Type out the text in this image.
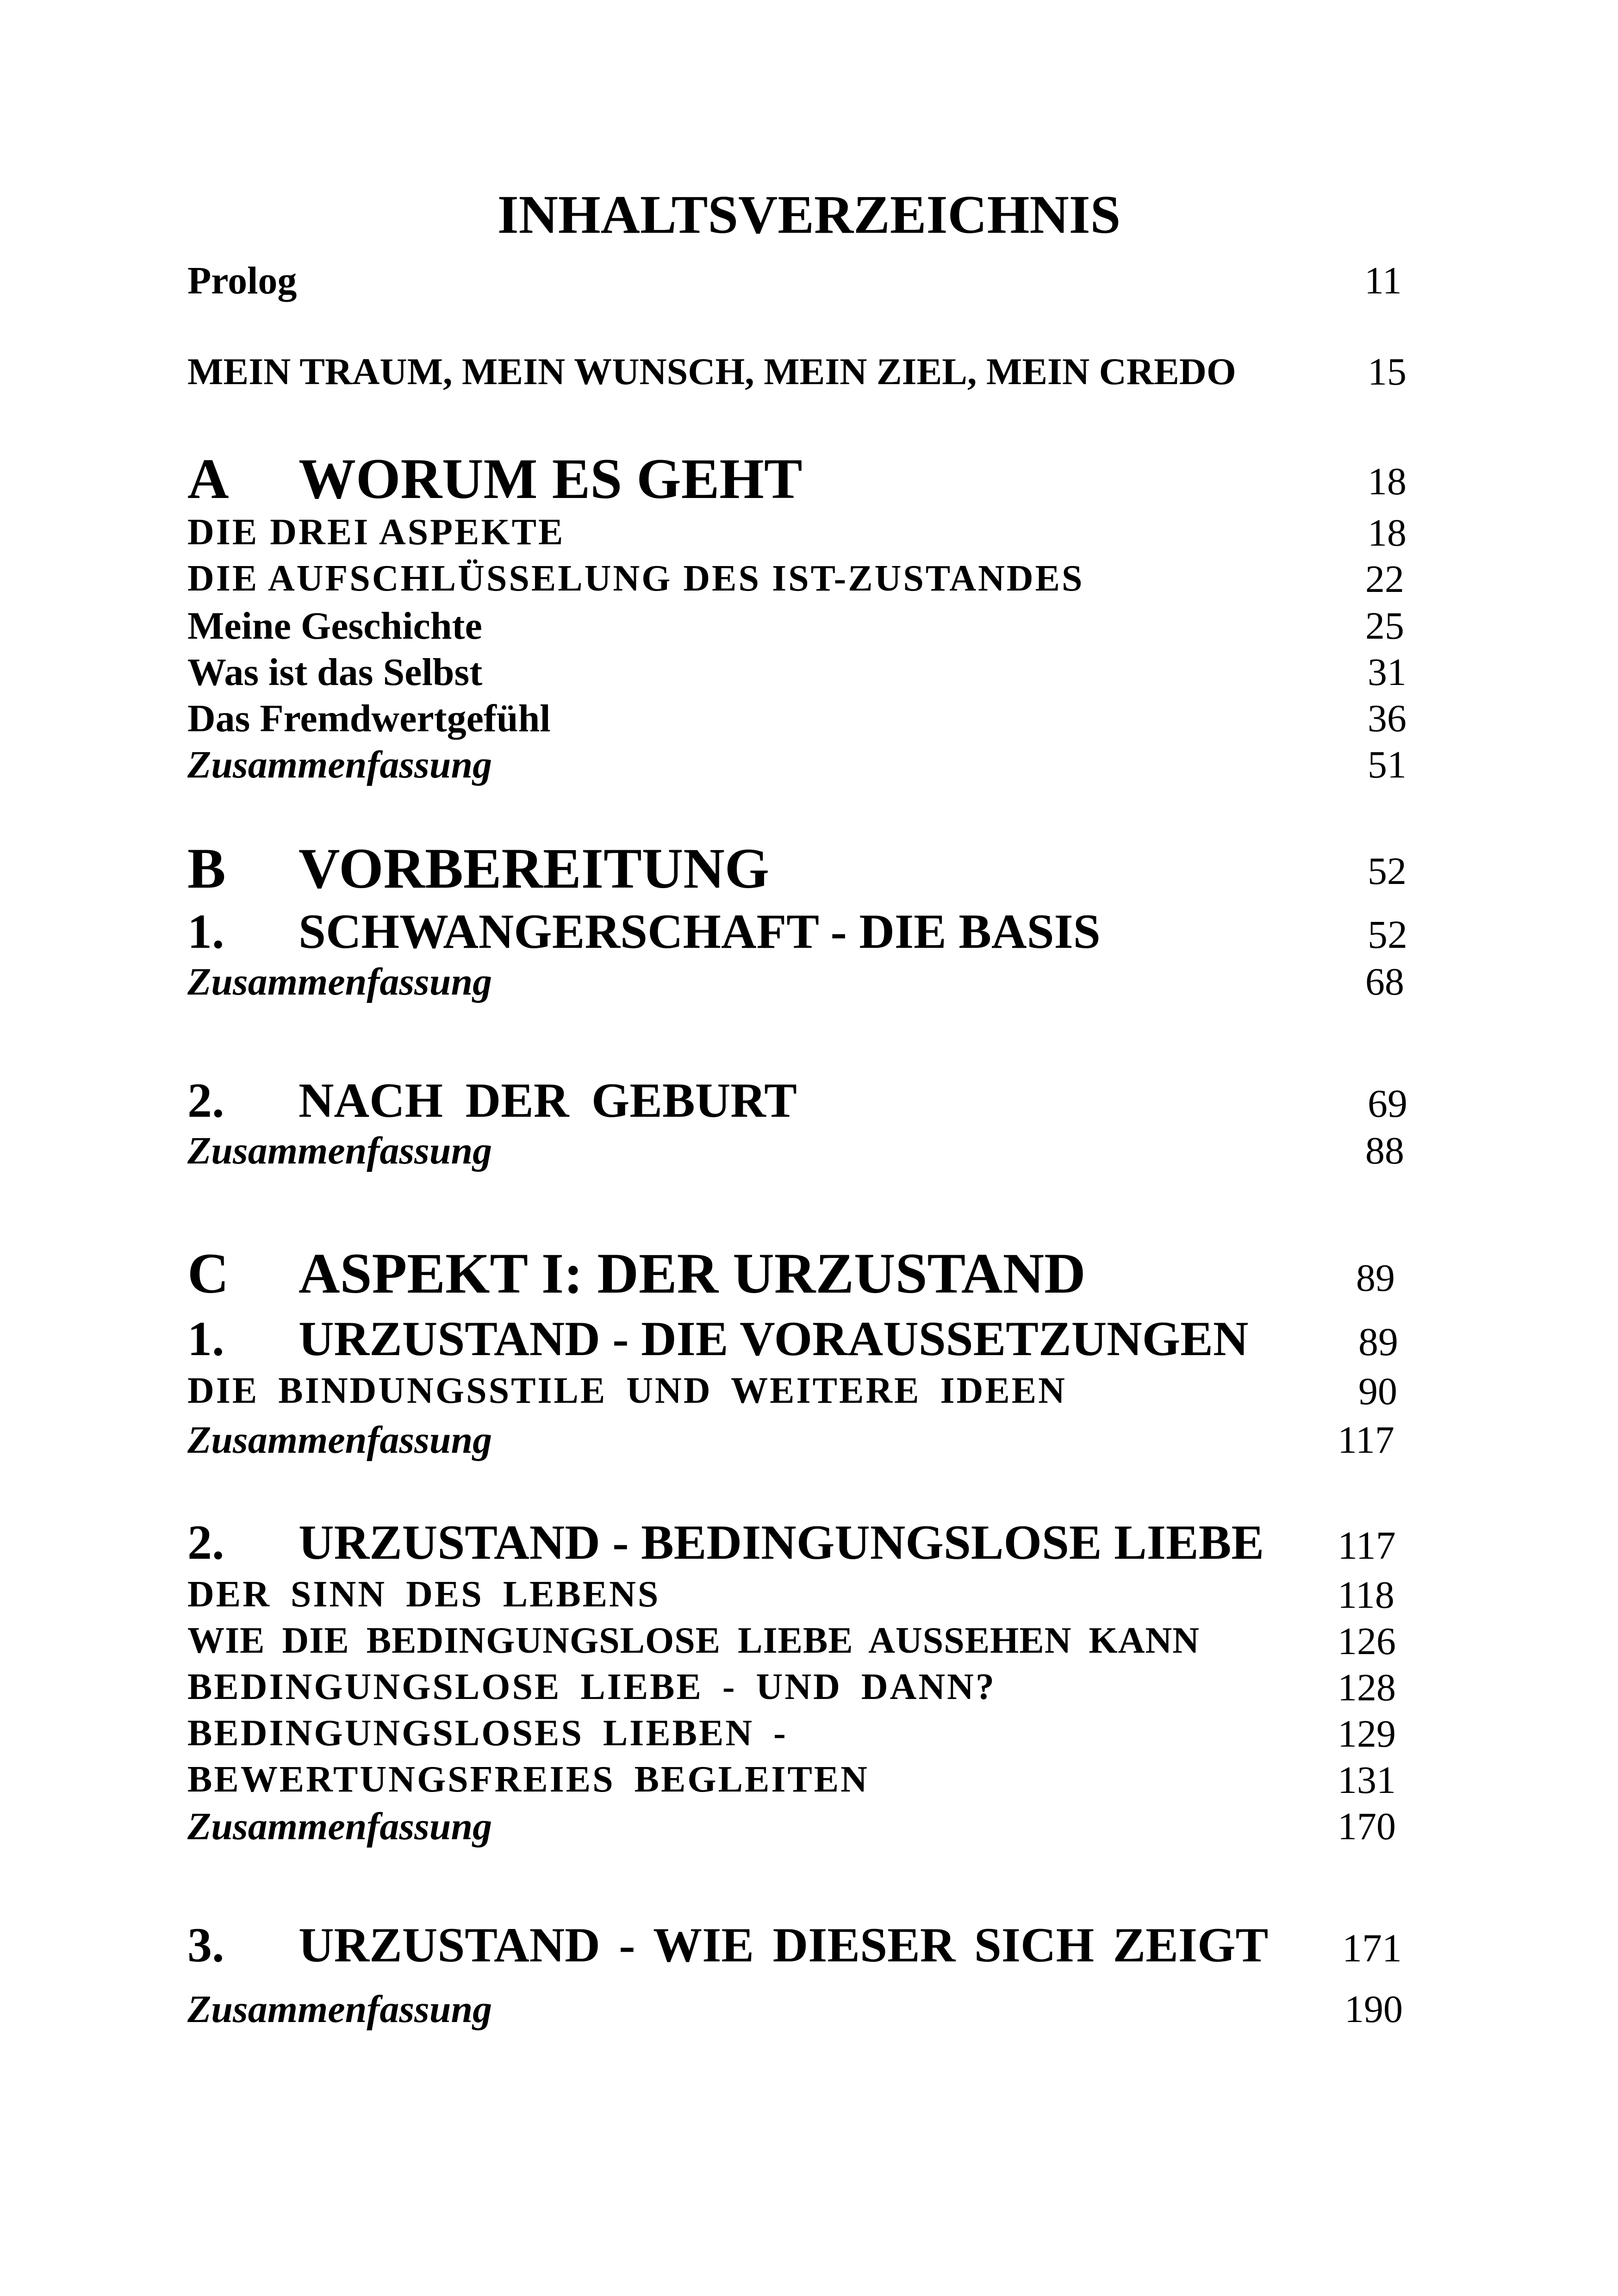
INHALTSVERZEICHNIS
Prolog	11
MEIN TRAUM, MEIN WUNSCH, MEIN ZIEL, MEIN CREDO	15
A WORUM ES GEHT	18
DIE DREI ASPEKTE	18
DIE AUFSCHLÜSSELUNG DES IST-ZUSTANDES	22
Meine Geschichte	25
Was ist das Selbst	31
Das Fremdwertgefühl	36
Zusammenfassung	51
B VORBEREITUNG	52
1. SCHWANGERSCHAFT - DIE BASIS	52
Zusammenfassung	68
2. NACH DER GEBURT	69
Zusammenfassung	88
C ASPEKT I: DER URZUSTAND	89
1. URZUSTAND - DIE VORAUSSETZUNGEN	89
DIE BINDUNGSSTILE UND WEITERE IDEEN	90
Zusammenfassung	117
2. URZUSTAND - BEDINGUNGSLOSE LIEBE 117
DER SINN DES LEBENS	118
WIE DIE BEDINGUNGSLOSE LIEBE AUSSEHEN KANN	126
BEDINGUNGSLOSE LIEBE - UND DANN?	128
BEDINGUNGSLOSES LIEBEN -	129
BEWERTUNGSFREIES BEGLEITEN	131
Zusammenfassung	170
3. URZUSTAND - WIE DIESER SICH ZEIGT 171
Zusammenfassung	190
